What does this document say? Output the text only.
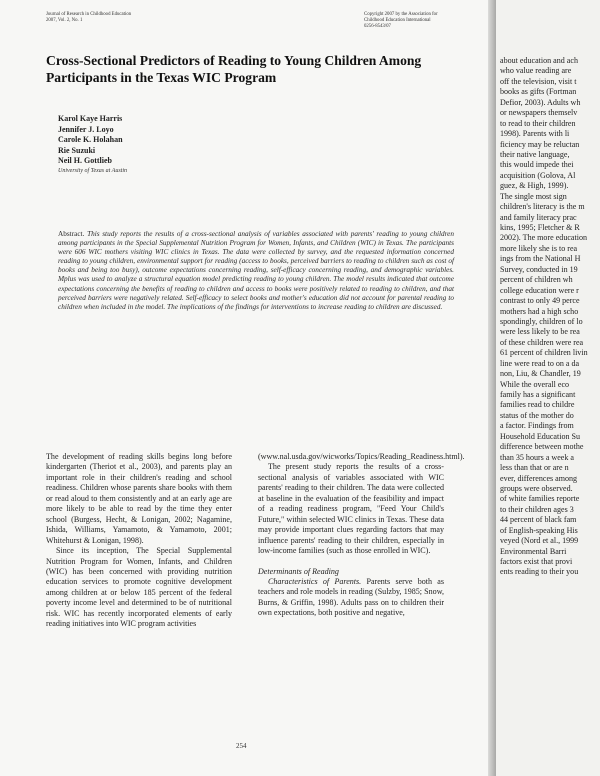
Journal of Research in Childhood Education
2007, Vol. 2, No. 1
Copyright 2007 by the Association for
Childhood Education International
0256-8543/07
Cross-Sectional Predictors of Reading to Young Children Among Participants in the Texas WIC Program
Karol Kaye Harris
Jennifer J. Loyo
Carole K. Holahan
Rie Suzuki
Neil H. Gottlieb
University of Texas at Austin
Abstract. This study reports the results of a cross-sectional analysis of variables associated with parents' reading to young children among participants in the Special Supplemental Nutrition Program for Women, Infants, and Children (WIC) in Texas. The participants were 606 WIC mothers visiting WIC clinics in Texas. The data were collected by survey, and the requested information concerned reading to young children, environmental support for reading (access to books, perceived barriers to reading to children such as cost of books and being too busy), outcome expectations concerning reading, self-efficacy concerning reading, and demographic variables. Mplus was used to analyze a structural equation model predicting reading to young children. The model results indicated that outcome expectations concerning the benefits of reading to children and access to books were positively related to reading to children, and that perceived barriers were negatively related. Self-efficacy to select books and mother's education did not account for parental reading to children when included in the model. The implications of the findings for interventions to increase reading to children are discussed.

The development of reading skills begins long before kindergarten (Theriot et al., 2003), and parents play an important role in their children's reading and school readiness. Children whose parents share books with them or read aloud to them consistently and at an early age are more likely to be able to read by the time they enter school (Burgess, Hecht, & Lonigan, 2002; Nagamine, Ishida, Williams, Yamamoto, & Yamamoto, 2001; Whitehurst & Lonigan, 1998).

Since its inception, The Special Supplemental Nutrition Program for Women, Infants, and Children (WIC) has been concerned with providing nutrition education services to promote cognitive development among children at or below 185 percent of the federal poverty income level and determined to be of nutritional risk. WIC has recently incorporated elements of early reading initiatives into WIC program activities

(www.nal.usda.gov/wicworks/Topics/Reading_Readiness.html).

The present study reports the results of a cross-sectional analysis of variables associated with WIC parents' reading to their children. The data were collected at baseline in the evaluation of the feasibility and impact of a reading readiness program, "Feed Your Child's Future," within selected WIC clinics in Texas. These data may provide important clues regarding factors that may influence parents' reading to their children, especially in low-income families (such as those enrolled in WIC).

Determinants of Reading

Characteristics of Parents. Parents serve both as teachers and role models in reading (Sulzby, 1985; Snow, Burns, & Griffin, 1998). Adults pass on to children their own expectations, both positive and negative,

254
about education and ach
who value reading are
off the television, visit t
books as gifts (Fortman
Defior, 2003). Adults wh
or newspapers themselv
to read to their children
1998). Parents with li
ficiency may be reluctan
their native language,
this would impede thei
acquisition (Golova, Al
guez, & High, 1999).
The single most sign
children's literacy is the m
and family literacy prac
kins, 1995; Fletcher & R
2002). The more education
more likely she is to rea
ings from the National H
Survey, conducted in 19
percent of children wh
college education were r
contrast to only 49 perce
mothers had a high scho
spondingly, children of lo
were less likely to be rea
of these children were rea
61 percent of children livin
line were read to on a da
non, Liu, & Chandler, 19
While the overall eco
family has a significant
families read to childre
status of the mother do
a factor. Findings from
Household Education Su
difference between mothe
than 35 hours a week a
less than that or are n
ever, differences among
groups were observed.
of white families reporte
to their children ages 3
44 percent of black fam
of English-speaking His
veyed (Nord et al., 1999
Environmental Barri
factors exist that provi
ents reading to their you
